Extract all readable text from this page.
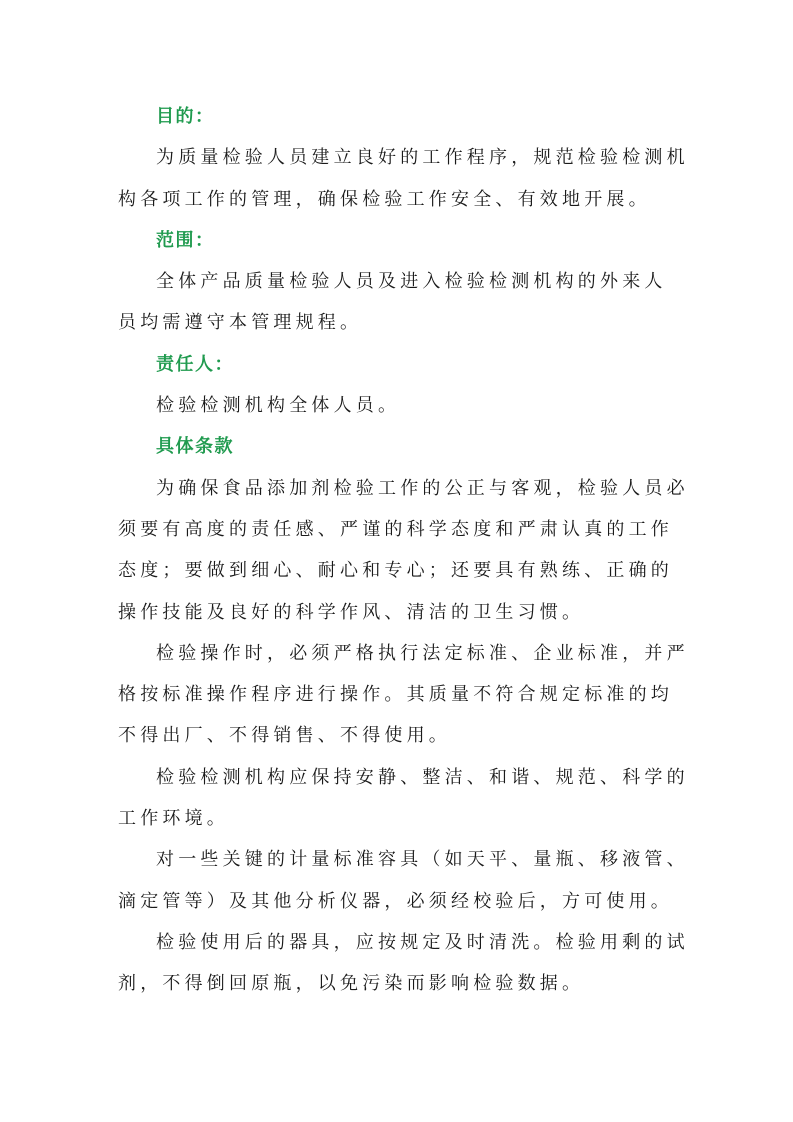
目的：
为质量检验人员建立良好的工作程序，规范检验检测机
构各项工作的管理，确保检验工作安全、有效地开展。
范围：
全体产品质量检验人员及进入检验检测机构的外来人
员均需遵守本管理规程。
责任人：
检验检测机构全体人员。
具体条款
为确保食品添加剂检验工作的公正与客观，检验人员必
须要有高度的责任感、严谨的科学态度和严肃认真的工作
态度；要做到细心、耐心和专心；还要具有熟练、正确的
操作技能及良好的科学作风、清洁的卫生习惯。
检验操作时，必须严格执行法定标准、企业标准，并严
格按标准操作程序进行操作。其质量不符合规定标准的均
不得出厂、不得销售、不得使用。
检验检测机构应保持安静、整洁、和谐、规范、科学的
工作环境。
对一些关键的计量标准容具（如天平、量瓶、移液管、
滴定管等）及其他分析仪器，必须经校验后，方可使用。
检验使用后的器具，应按规定及时清洗。检验用剩的试
剂，不得倒回原瓶，以免污染而影响检验数据。
